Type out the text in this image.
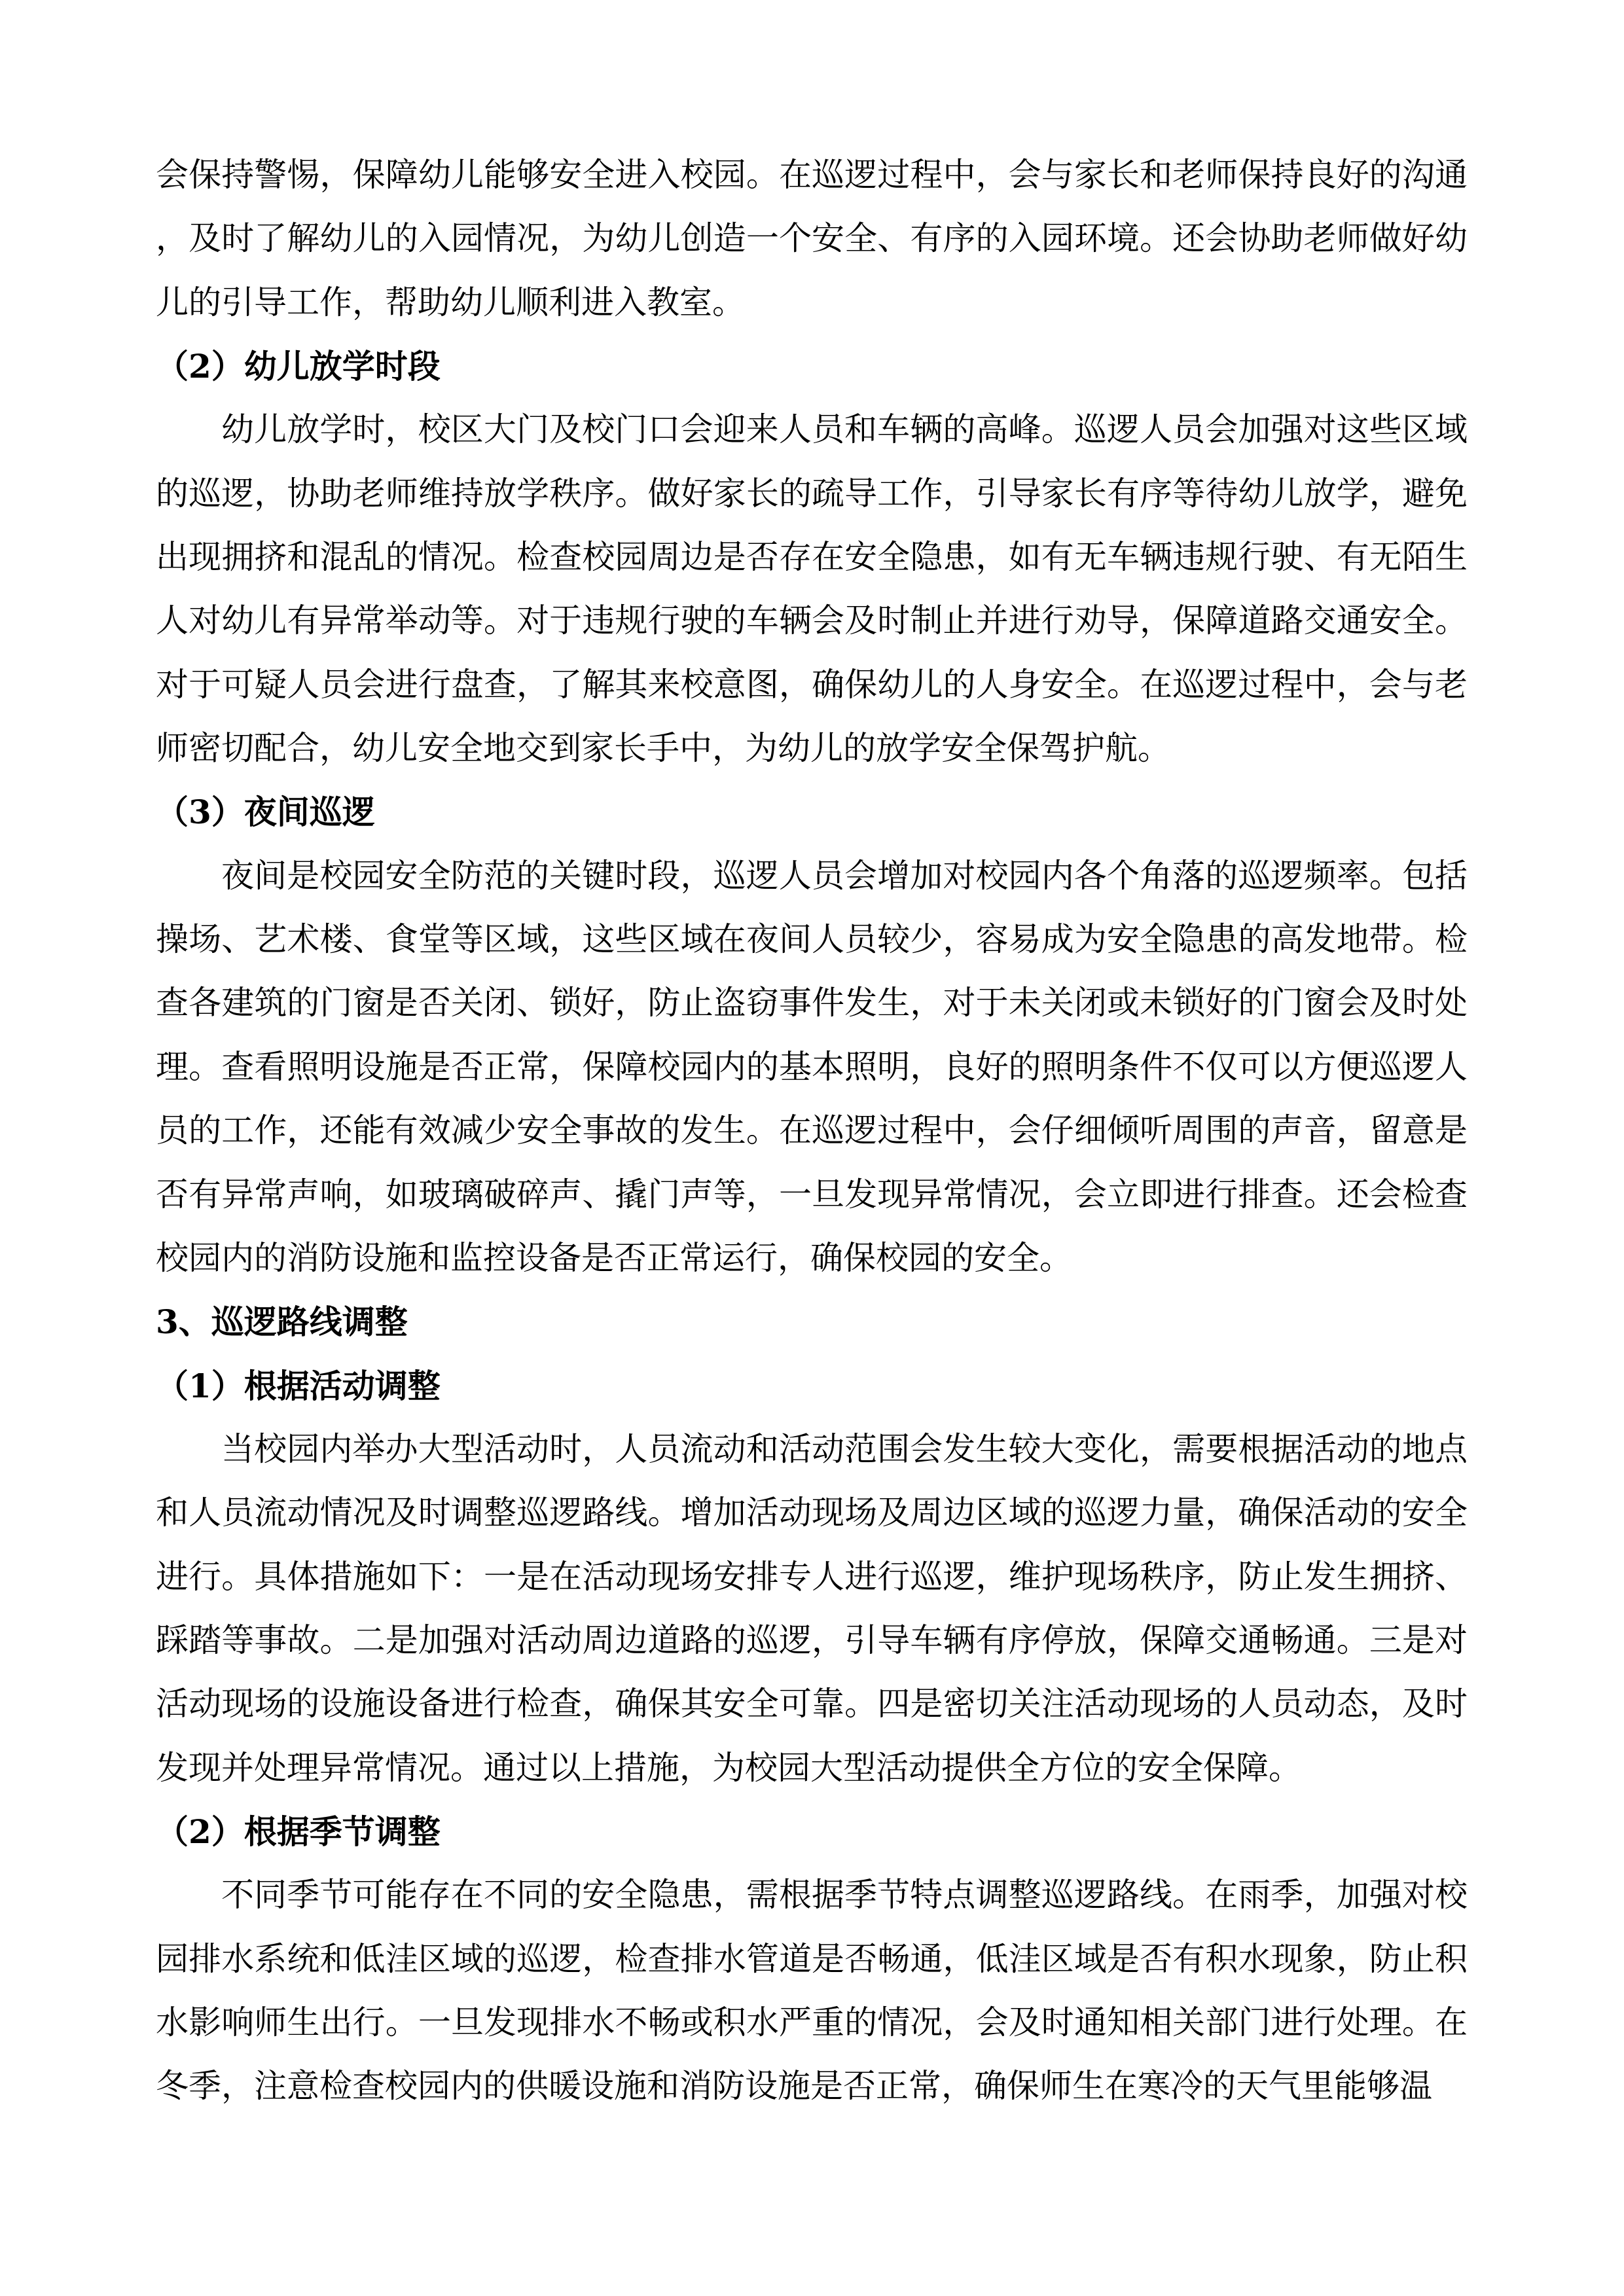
会保持警惕，保障幼儿能够安全进入校园。在巡逻过程中，会与家长和老师保持良好的沟通，及时了解幼儿的入园情况，为幼儿创造一个安全、有序的入园环境。还会协助老师做好幼儿的引导工作，帮助幼儿顺利进入教室。

（2）幼儿放学时段

幼儿放学时，校区大门及校门口会迎来人员和车辆的高峰。巡逻人员会加强对这些区域的巡逻，协助老师维持放学秩序。做好家长的疏导工作，引导家长有序等待幼儿放学，避免出现拥挤和混乱的情况。检查校园周边是否存在安全隐患，如有无车辆违规行驶、有无陌生人对幼儿有异常举动等。对于违规行驶的车辆会及时制止并进行劝导，保障道路交通安全。对于可疑人员会进行盘查，了解其来校意图，确保幼儿的人身安全。在巡逻过程中，会与老师密切配合，幼儿安全地交到家长手中，为幼儿的放学安全保驾护航。

（3）夜间巡逻

夜间是校园安全防范的关键时段，巡逻人员会增加对校园内各个角落的巡逻频率。包括操场、艺术楼、食堂等区域，这些区域在夜间人员较少，容易成为安全隐患的高发地带。检查各建筑的门窗是否关闭、锁好，防止盗窃事件发生，对于未关闭或未锁好的门窗会及时处理。查看照明设施是否正常，保障校园内的基本照明，良好的照明条件不仅可以方便巡逻人员的工作，还能有效减少安全事故的发生。在巡逻过程中，会仔细倾听周围的声音，留意是否有异常声响，如玻璃破碎声、撬门声等，一旦发现异常情况，会立即进行排查。还会检查校园内的消防设施和监控设备是否正常运行，确保校园的安全。

3、巡逻路线调整

（1）根据活动调整

当校园内举办大型活动时，人员流动和活动范围会发生较大变化，需要根据活动的地点和人员流动情况及时调整巡逻路线。增加活动现场及周边区域的巡逻力量，确保活动的安全进行。具体措施如下：一是在活动现场安排专人进行巡逻，维护现场秩序，防止发生拥挤、踩踏等事故。二是加强对活动周边道路的巡逻，引导车辆有序停放，保障交通畅通。三是对活动现场的设施设备进行检查，确保其安全可靠。四是密切关注活动现场的人员动态，及时发现并处理异常情况。通过以上措施，为校园大型活动提供全方位的安全保障。

（2）根据季节调整

不同季节可能存在不同的安全隐患，需根据季节特点调整巡逻路线。在雨季，加强对校园排水系统和低洼区域的巡逻，检查排水管道是否畅通，低洼区域是否有积水现象，防止积水影响师生出行。一旦发现排水不畅或积水严重的情况，会及时通知相关部门进行处理。在冬季，注意检查校园内的供暖设施和消防设施是否正常，确保师生在寒冷的天气里能够温
